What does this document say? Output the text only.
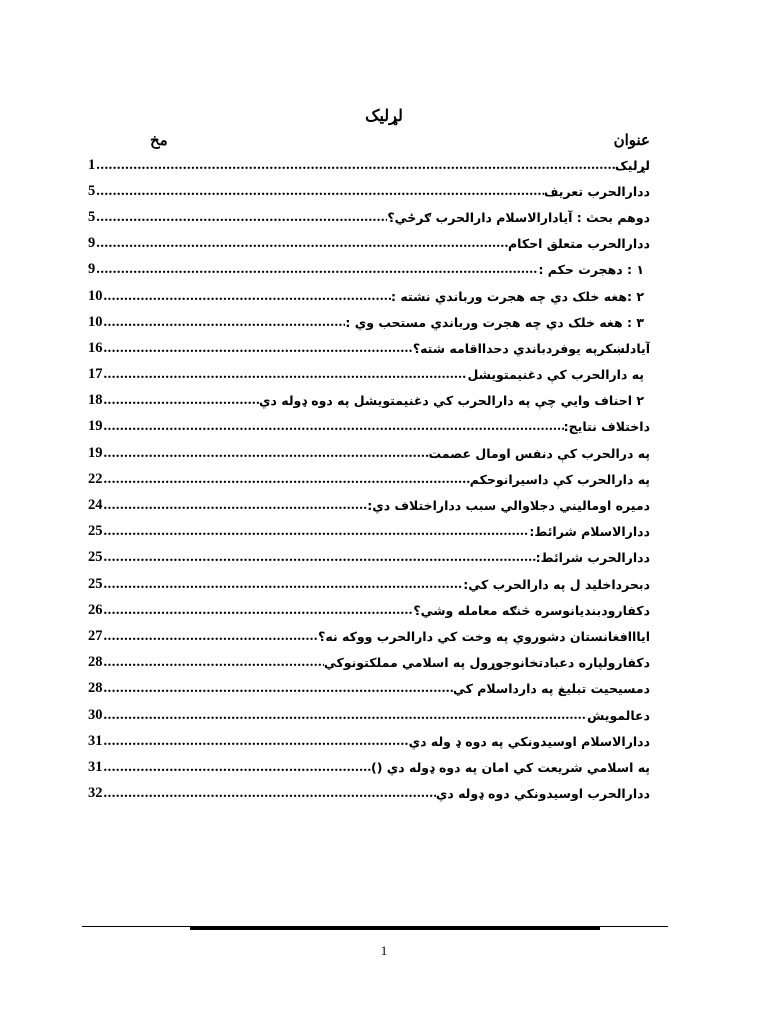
لړليک
مخ	عنوان
1 .....	لړليک
5 .....	ددارالحرب تعريف
5 .....	دوهم بحث : آيادارالاسلام دارالحرب ګرځي؟
9 .....	ددارالحرب متعلق احکام
9 .....	١ : دهجرت حکم :
10 .....	٢ :هغه خلک دي چه هجرت ورباندي نشته :
10 .....	٣ : هغه خلک دي چه هجرت ورباندي مستحب وي :
16 .....	آيادلښکرپه يوفردباندي دحدااقامه شته؟
17 .....	په دارالحرب کې دغنيمتويشل
18 .....	٢ احناف وايي چې په دارالحرب کي دغنيمتويشل په دوه ډوله دي
19 .....	داختلاف نتايج:
19 .....	په درالحرب کې دنفس اومال عصمت
22 .....	په دارالحرب کې داسيرانوحکم
24 .....	دميره اوماليني دجلاوالي سبب دداراختلاف دي:
25 .....	ددارالاسلام شرائط:
25 .....	ددارالحرب شرائط:
25 .....	دبحرداخليد ل په دارالحرب کي:
26 .....	دکفارودبنديانوسره څنګه معامله وشي؟
27 .....	ايااافغانستان دشوروي په وخت کي دارالحرب ووکه نه؟
28 .....	دکفارولپاره دعبادتخانوجوړول په اسلامي مملکتونوکي
28 .....	دمسيحيت تبليغ په دارداسلام کي
30 .....	دعالمويش
31 .....	ددارالاسلام اوسيدونکي په دوه ډ وله دي
31 .....	په اسلامي شريعت کي امان په دوه ډوله دي ()
32 .....	ددارالحرب اوسيدونکي دوه ډوله دي
1
